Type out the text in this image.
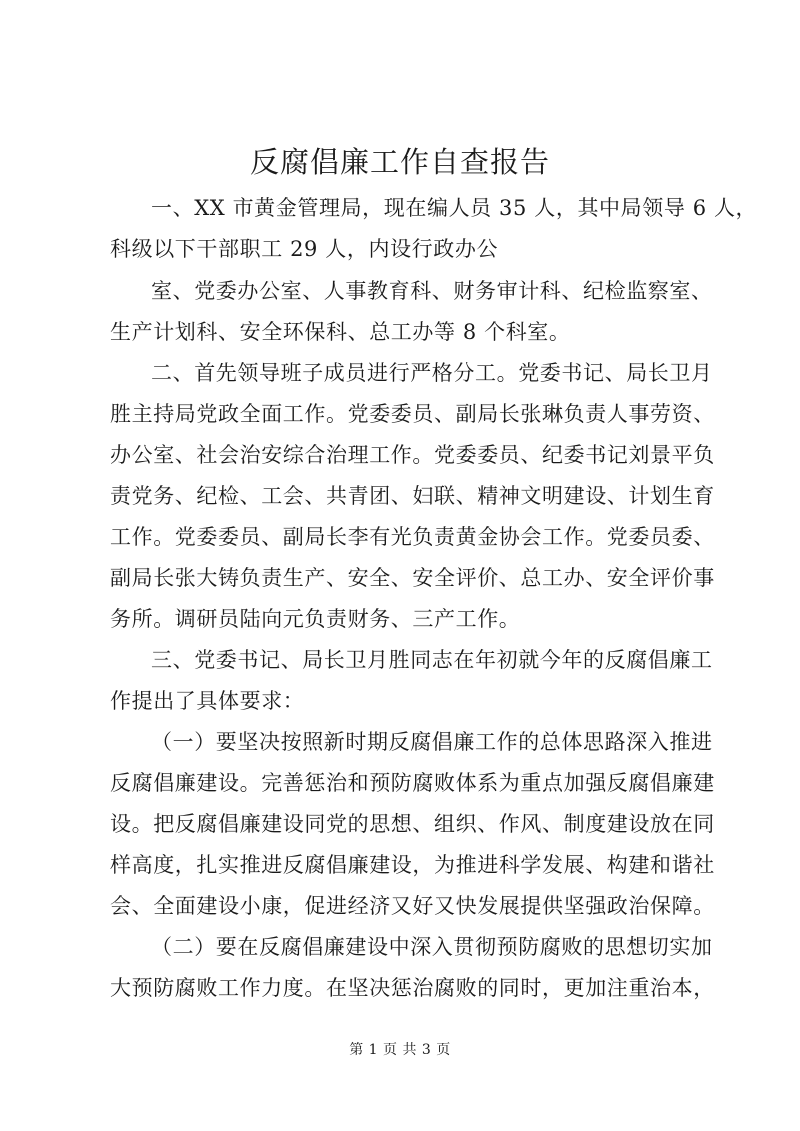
反腐倡廉工作自查报告
一、XX 市黄金管理局，现在编人员 35 人，其中局领导 6 人，
科级以下干部职工 29 人，内设行政办公
室、党委办公室、人事教育科、财务审计科、纪检监察室、
生产计划科、安全环保科、总工办等 8 个科室。
二、首先领导班子成员进行严格分工。党委书记、局长卫月
胜主持局党政全面工作。党委委员、副局长张琳负责人事劳资、
办公室、社会治安综合治理工作。党委委员、纪委书记刘景平负
责党务、纪检、工会、共青团、妇联、精神文明建设、计划生育
工作。党委委员、副局长李有光负责黄金协会工作。党委员委、
副局长张大铸负责生产、安全、安全评价、总工办、安全评价事
务所。调研员陆向元负责财务、三产工作。
三、党委书记、局长卫月胜同志在年初就今年的反腐倡廉工
作提出了具体要求：
（一）要坚决按照新时期反腐倡廉工作的总体思路深入推进
反腐倡廉建设。完善惩治和预防腐败体系为重点加强反腐倡廉建
设。把反腐倡廉建设同党的思想、组织、作风、制度建设放在同
样高度，扎实推进反腐倡廉建设，为推进科学发展、构建和谐社
会、全面建设小康，促进经济又好又快发展提供坚强政治保障。
（二）要在反腐倡廉建设中深入贯彻预防腐败的思想切实加
大预防腐败工作力度。在坚决惩治腐败的同时，更加注重治本，
第 1 页 共 3 页
